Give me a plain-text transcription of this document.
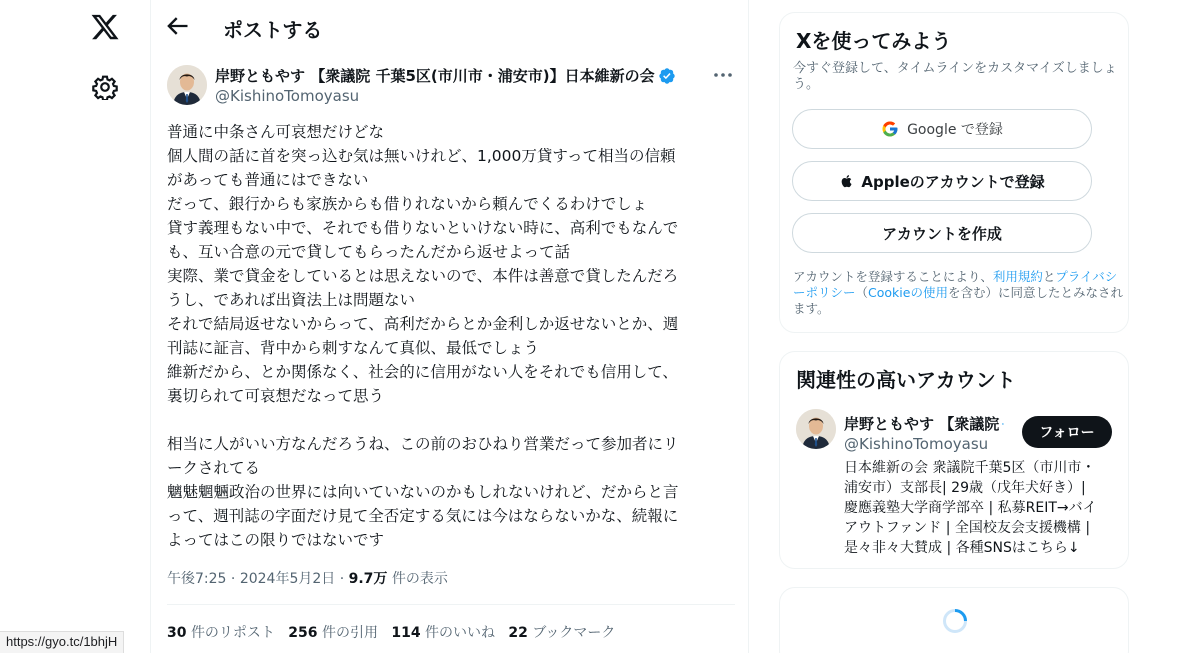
ポストする
岸野ともやす 【衆議院 千葉5区(市川市・浦安市)】日本維新の会
@KishinoTomoyasu
普通に中条さん可哀想だけどな
個人間の話に首を突っ込む気は無いけれど、1,000万貸すって相当の信頼
があっても普通にはできない
だって、銀行からも家族からも借りれないから頼んでくるわけでしょ
貸す義理もない中で、それでも借りないといけない時に、高利でもなんで
も、互い合意の元で貸してもらったんだから返せよって話
実際、業で貸金をしているとは思えないので、本件は善意で貸したんだろ
うし、であれば出資法上は問題ない
それで結局返せないからって、高利だからとか金利しか返せないとか、週
刊誌に証言、背中から刺すなんて真似、最低でしょう
維新だから、とか関係なく、社会的に信用がない人をそれでも信用して、
裏切られて可哀想だなって思う
相当に人がいい方なんだろうね、この前のおひねり営業だって参加者にリ
ークされてる
魑魅魍魎政治の世界には向いていないのかもしれないけれど、だからと言
って、週刊誌の字面だけ見て全否定する気には今はならないかな、続報に
よってはこの限りではないです
午後7:25 · 2024年5月2日 · 9.7万 件の表示
30 件のリポスト 256 件の引用 114 件のいいね 22 ブックマーク
Xを使ってみよう
今すぐ登録して、タイムラインをカスタマイズしましょう。
Google で登録
Appleのアカウントで登録
アカウントを作成
アカウントを登録することにより、利用規約とプライバシーポリシー（Cookieの使用を含む）に同意したとみなされます。
関連性の高いアカウント
岸野ともやす 【衆議院
@KishinoTomoyasu
フォロー
日本維新の会 衆議院千葉5区（市川市・
浦安市）支部長| 29歳（戊年犬好き）|
慶應義塾大学商学部卒 | 私募REIT→バイ
アウトファンド | 全国校友会支援機構 |
是々非々大賛成 | 各種SNSはこちら↓
https://gyo.tc/1bhjH
